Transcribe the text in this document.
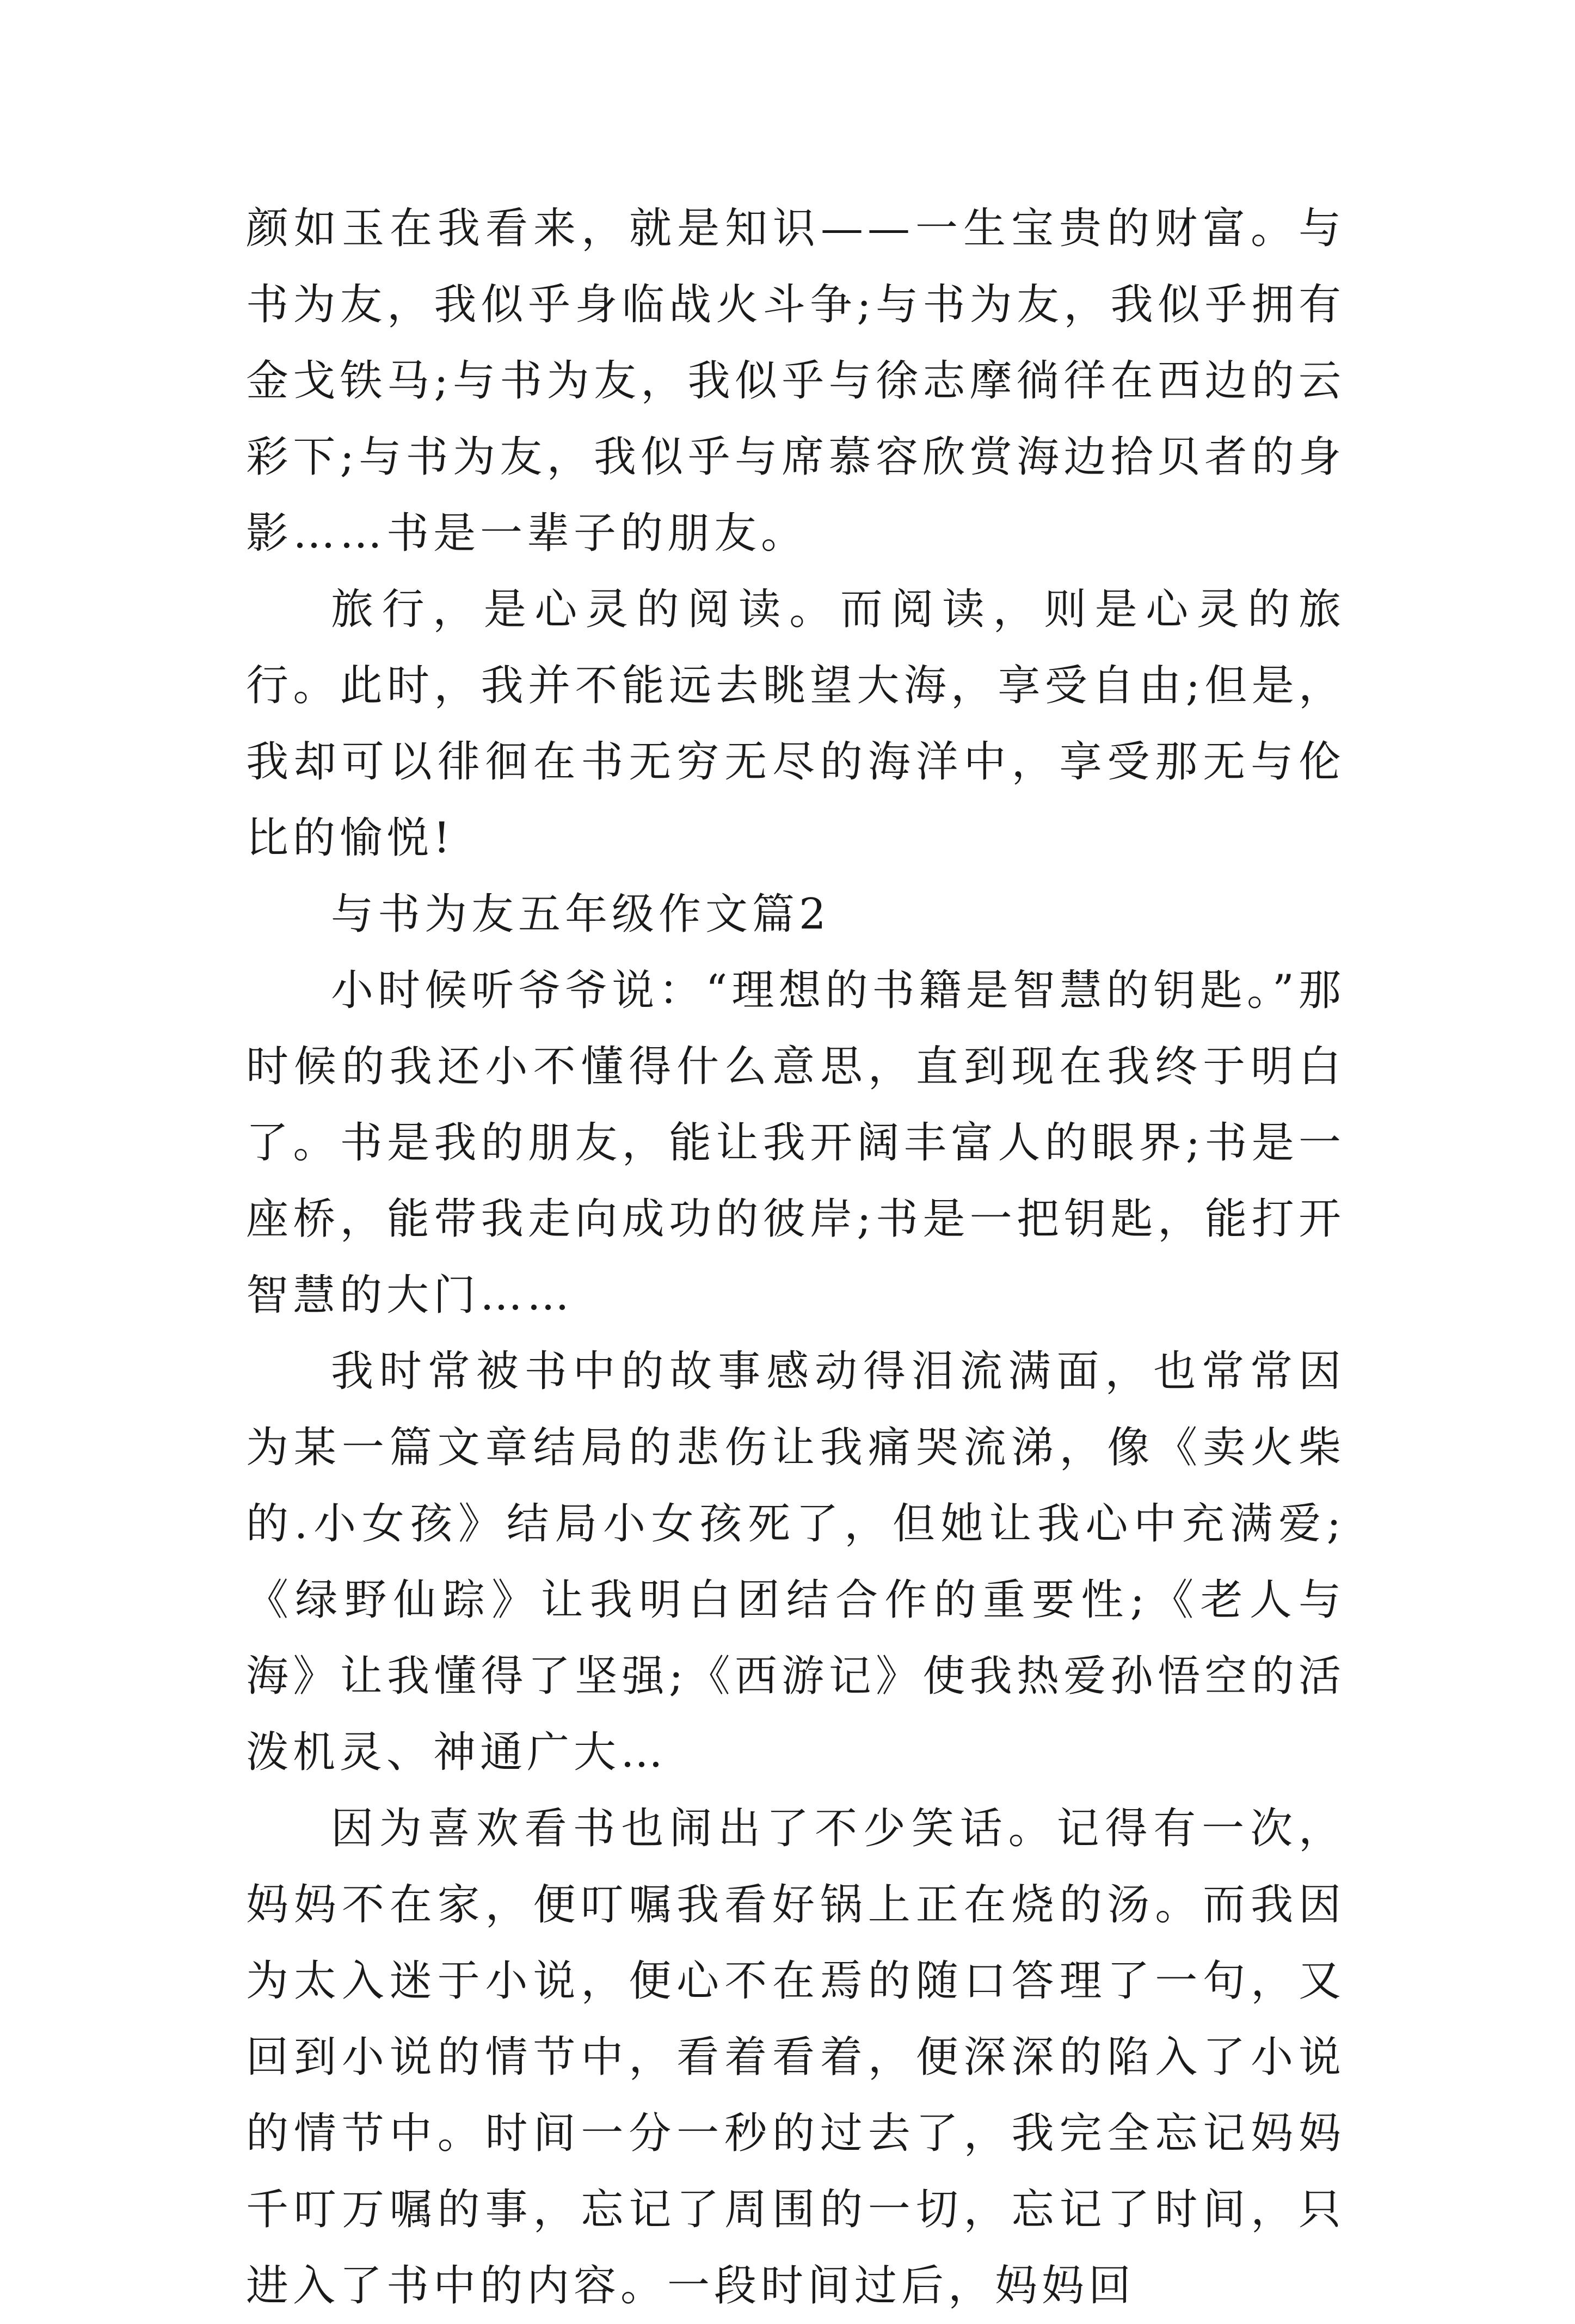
颜如玉在我看来，就是知识——一生宝贵的财富。与书为友，我似乎身临战火斗争;与书为友，我似乎拥有金戈铁马;与书为友，我似乎与徐志摩徜徉在西边的云彩下;与书为友，我似乎与席慕容欣赏海边拾贝者的身影……书是一辈子的朋友。

旅行，是心灵的阅读。而阅读，则是心灵的旅行。此时，我并不能远去眺望大海，享受自由;但是，我却可以徘徊在书无穷无尽的海洋中，享受那无与伦比的愉悦!

与书为友五年级作文篇2

小时候听爷爷说：“理想的书籍是智慧的钥匙。”那时候的我还小不懂得什么意思，直到现在我终于明白了。书是我的朋友，能让我开阔丰富人的眼界;书是一座桥，能带我走向成功的彼岸;书是一把钥匙，能打开智慧的大门……

我时常被书中的故事感动得泪流满面，也常常因为某一篇文章结局的悲伤让我痛哭流涕，像《卖火柴的.小女孩》结局小女孩死了，但她让我心中充满爱;《绿野仙踪》让我明白团结合作的重要性;《老人与海》让我懂得了坚强;《西游记》使我热爱孙悟空的活泼机灵、神通广大…

因为喜欢看书也闹出了不少笑话。记得有一次，妈妈不在家，便叮嘱我看好锅上正在烧的汤。而我因为太入迷于小说，便心不在焉的随口答理了一句，又回到小说的情节中，看着看着，便深深的陷入了小说的情节中。时间一分一秒的过去了，我完全忘记妈妈千叮万嘱的事，忘记了周围的一切，忘记了时间，只进入了书中的内容。一段时间过后，妈妈回
